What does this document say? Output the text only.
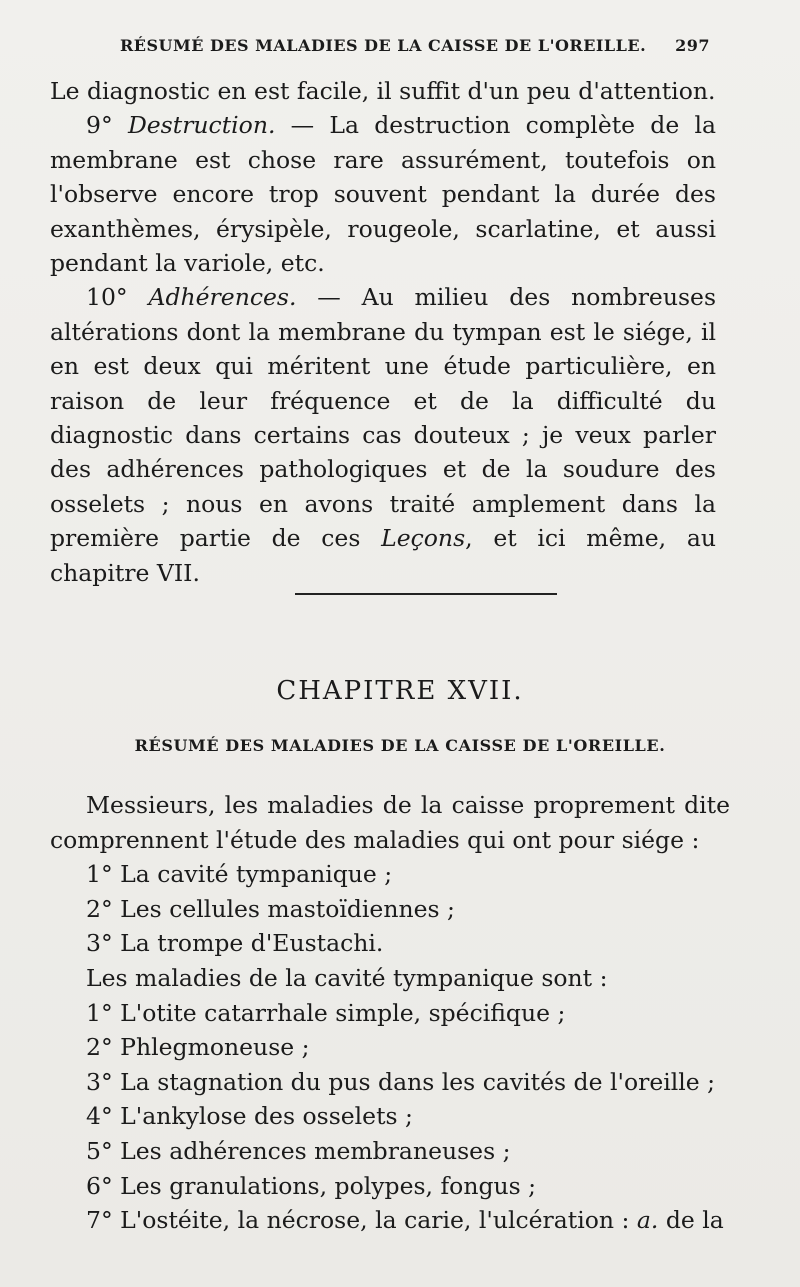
RÉSUMÉ DES MALADIES DE LA CAISSE DE L'OREILLE. 297

Le diagnostic en est facile, il suffit d'un peu d'attention.

9° Destruction. — La destruction complète de la membrane est chose rare assurément, toutefois on l'observe encore trop souvent pendant la durée des exanthèmes, érysipèle, rougeole, scarlatine, et aussi pendant la variole, etc.

10° Adhérences. — Au milieu des nombreuses altérations dont la membrane du tympan est le siége, il en est deux qui méritent une étude particulière, en raison de leur fréquence et de la difficulté du diagnostic dans certains cas douteux ; je veux parler des adhérences pathologiques et de la soudure des osselets ; nous en avons traité amplement dans la première partie de ces Leçons, et ici même, au chapitre VII.

CHAPITRE XVII.
RÉSUMÉ DES MALADIES DE LA CAISSE DE L'OREILLE.

Messieurs, les maladies de la caisse proprement dite comprennent l'étude des maladies qui ont pour siége :

1° La cavité tympanique ;

2° Les cellules mastoïdiennes ;

3° La trompe d'Eustachi.

Les maladies de la cavité tympanique sont :

1° L'otite catarrhale simple, spécifique ;

2° Phlegmoneuse ;

3° La stagnation du pus dans les cavités de l'oreille ;

4° L'ankylose des osselets ;

5° Les adhérences membraneuses ;

6° Les granulations, polypes, fongus ;

7° L'ostéite, la nécrose, la carie, l'ulcération : a. de la
